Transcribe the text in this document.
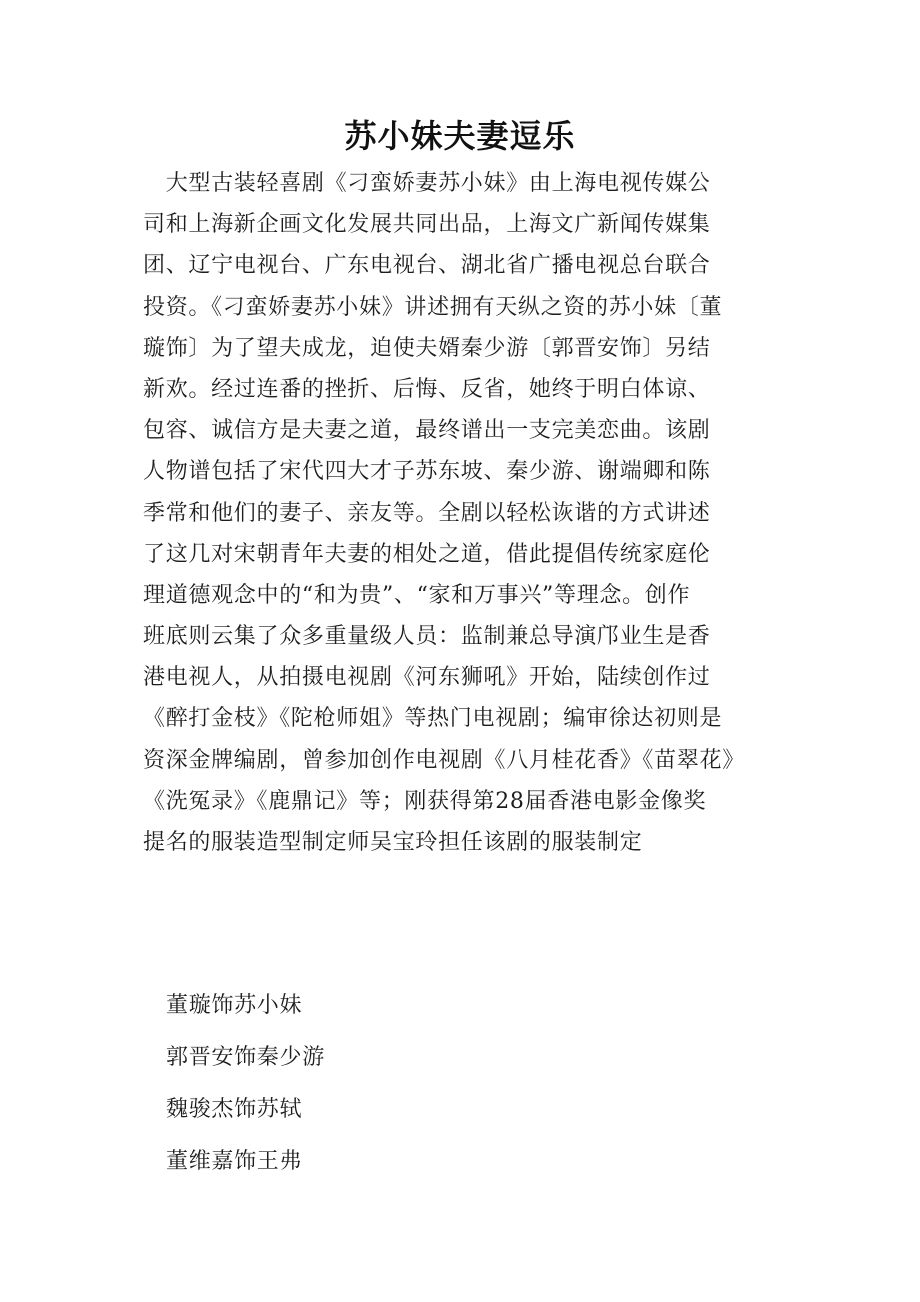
苏小妹夫妻逗乐
　大型古装轻喜剧《刁蛮娇妻苏小妹》由上海电视传媒公
司和上海新企画文化发展共同出品，上海文广新闻传媒集
团、辽宁电视台、广东电视台、湖北省广播电视总台联合
投资。《刁蛮娇妻苏小妹》讲述拥有天纵之资的苏小妹〔董
璇饰〕为了望夫成龙，迫使夫婿秦少游〔郭晋安饰〕另结
新欢。经过连番的挫折、后悔、反省，她终于明白体谅、
包容、诚信方是夫妻之道，最终谱出一支完美恋曲。该剧
人物谱包括了宋代四大才子苏东坡、秦少游、谢端卿和陈
季常和他们的妻子、亲友等。全剧以轻松诙谐的方式讲述
了这几对宋朝青年夫妻的相处之道，借此提倡传统家庭伦
理道德观念中的“和为贵”、“家和万事兴”等理念。创作
班底则云集了众多重量级人员：监制兼总导演邝业生是香
港电视人，从拍摄电视剧《河东狮吼》开始，陆续创作过
《醉打金枝》《陀枪师姐》等热门电视剧；编审徐达初则是
资深金牌编剧，曾参加创作电视剧《八月桂花香》《苗翠花》
《洗冤录》《鹿鼎记》等；刚获得第28届香港电影金像奖
提名的服装造型制定师吴宝玲担任该剧的服装制定
董璇饰苏小妹
郭晋安饰秦少游
魏骏杰饰苏轼
董维嘉饰王弗
